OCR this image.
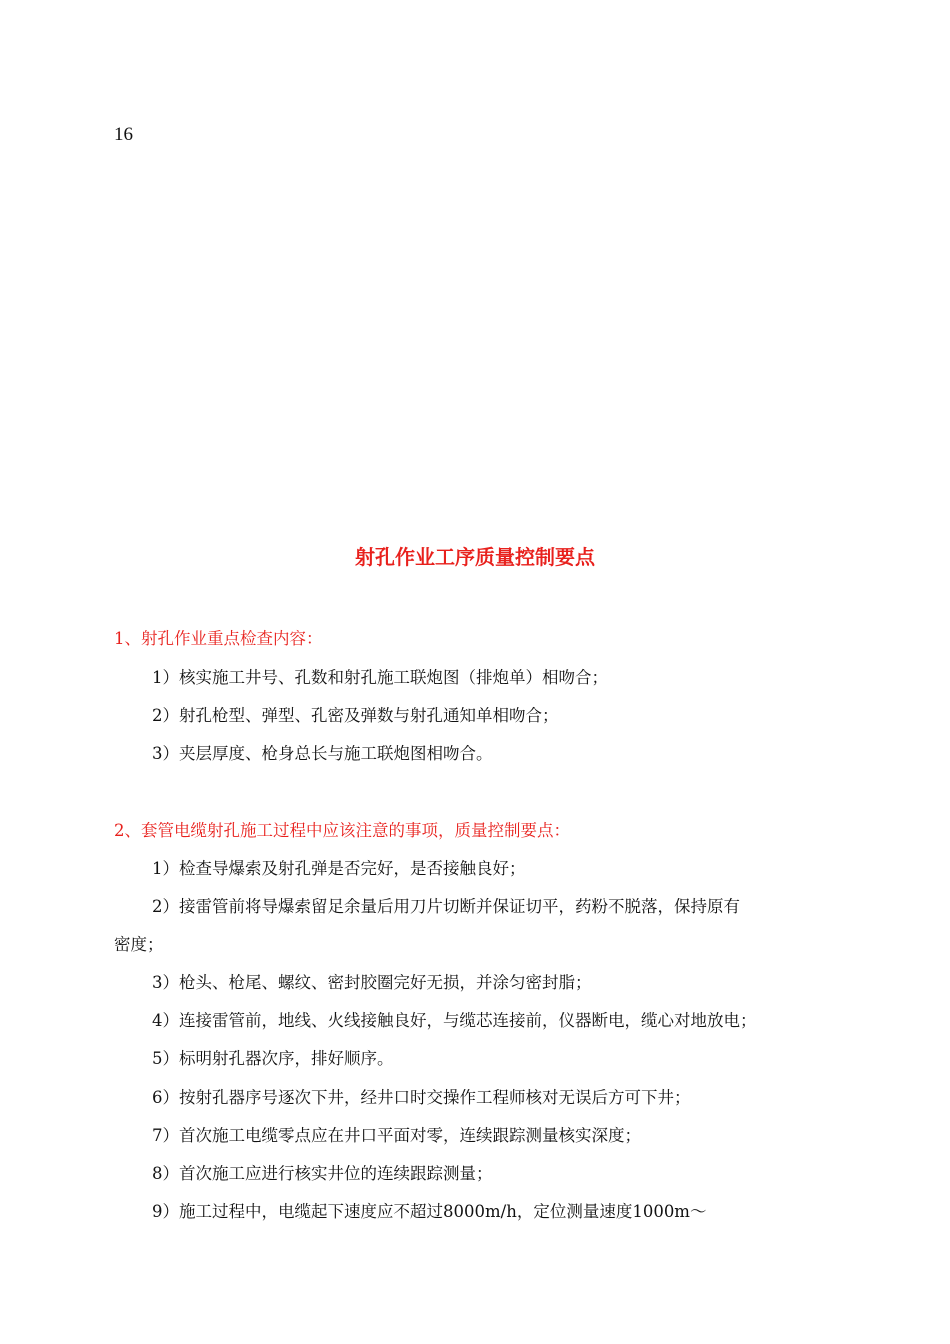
16
射孔作业工序质量控制要点
1、射孔作业重点检查内容：
1）核实施工井号、孔数和射孔施工联炮图（排炮单）相吻合；
2）射孔枪型、弹型、孔密及弹数与射孔通知单相吻合；
3）夹层厚度、枪身总长与施工联炮图相吻合。
2、套管电缆射孔施工过程中应该注意的事项，质量控制要点：
1）检查导爆索及射孔弹是否完好，是否接触良好；
2）接雷管前将导爆索留足余量后用刀片切断并保证切平，药粉不脱落，保持原有
密度；
3）枪头、枪尾、螺纹、密封胶圈完好无损，并涂匀密封脂；
4）连接雷管前，地线、火线接触良好，与缆芯连接前，仪器断电，缆心对地放电；
5）标明射孔器次序，排好顺序。
6）按射孔器序号逐次下井，经井口时交操作工程师核对无误后方可下井；
7）首次施工电缆零点应在井口平面对零，连续跟踪测量核实深度；
8）首次施工应进行核实井位的连续跟踪测量；
9）施工过程中，电缆起下速度应不超过8000m/h，定位测量速度1000m～
